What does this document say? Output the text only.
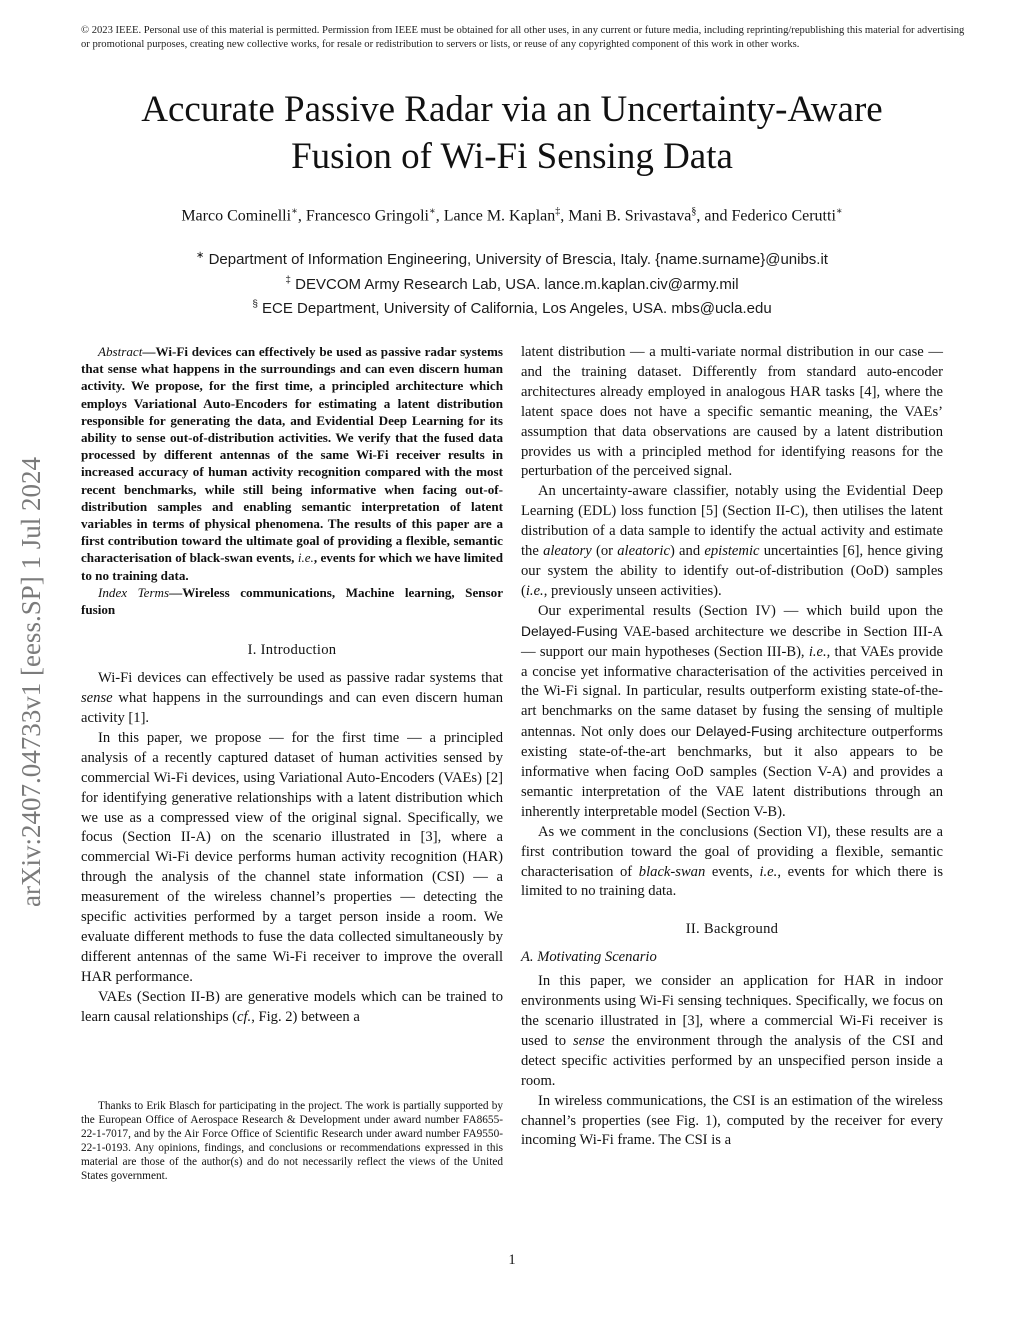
© 2023 IEEE. Personal use of this material is permitted. Permission from IEEE must be obtained for all other uses, in any current or future media, including reprinting/republishing this material for advertising or promotional purposes, creating new collective works, for resale or redistribution to servers or lists, or reuse of any copyrighted component of this work in other works.
Accurate Passive Radar via an Uncertainty-Aware
Fusion of Wi-Fi Sensing Data
Marco Cominelli∗, Francesco Gringoli∗, Lance M. Kaplan‡, Mani B. Srivastava§, and Federico Cerutti∗
∗ Department of Information Engineering, University of Brescia, Italy. {name.surname}@unibs.it
‡ DEVCOM Army Research Lab, USA. lance.m.kaplan.civ@army.mil
§ ECE Department, University of California, Los Angeles, USA. mbs@ucla.edu
arXiv:2407.04733v1 [eess.SP] 1 Jul 2024

Abstract—Wi-Fi devices can effectively be used as passive radar systems that sense what happens in the surroundings and can even discern human activity. We propose, for the first time, a principled architecture which employs Variational Auto-Encoders for estimating a latent distribution responsible for generating the data, and Evidential Deep Learning for its ability to sense out-of-distribution activities. We verify that the fused data processed by different antennas of the same Wi-Fi receiver results in increased accuracy of human activity recognition compared with the most recent benchmarks, while still being informative when facing out-of-distribution samples and enabling semantic interpretation of latent variables in terms of physical phenomena. The results of this paper are a first contribution toward the ultimate goal of providing a flexible, semantic characterisation of black-swan events, i.e., events for which we have limited to no training data.

Index Terms—Wireless communications, Machine learning, Sensor fusion

I. Introduction

Wi-Fi devices can effectively be used as passive radar systems that sense what happens in the surroundings and can even discern human activity [1].

In this paper, we propose — for the first time — a principled analysis of a recently captured dataset of human activities sensed by commercial Wi-Fi devices, using Variational Auto-Encoders (VAEs) [2] for identifying generative relationships with a latent distribution which we use as a compressed view of the original signal. Specifically, we focus (Section II-A) on the scenario illustrated in [3], where a commercial Wi-Fi device performs human activity recognition (HAR) through the analysis of the channel state information (CSI) — a measurement of the wireless channel’s properties — detecting the specific activities performed by a target person inside a room. We evaluate different methods to fuse the data collected simultaneously by different antennas of the same Wi-Fi receiver to improve the overall HAR performance.

VAEs (Section II-B) are generative models which can be trained to learn causal relationships (cf., Fig. 2) between a

Thanks to Erik Blasch for participating in the project. The work is partially supported by the European Office of Aerospace Research & Development under award number FA8655-22-1-7017, and by the Air Force Office of Scientific Research under award number FA9550-22-1-0193. Any opinions, findings, and conclusions or recommendations expressed in this material are those of the author(s) and do not necessarily reflect the views of the United States government.

latent distribution — a multi-variate normal distribution in our case — and the training dataset. Differently from standard auto-encoder architectures already employed in analogous HAR tasks [4], where the latent space does not have a specific semantic meaning, the VAEs’ assumption that data observations are caused by a latent distribution provides us with a principled method for identifying reasons for the perturbation of the perceived signal.

An uncertainty-aware classifier, notably using the Evidential Deep Learning (EDL) loss function [5] (Section II-C), then utilises the latent distribution of a data sample to identify the actual activity and estimate the aleatory (or aleatoric) and epistemic uncertainties [6], hence giving our system the ability to identify out-of-distribution (OoD) samples (i.e., previously unseen activities).

Our experimental results (Section IV) — which build upon the Delayed-Fusing VAE-based architecture we describe in Section III-A — support our main hypotheses (Section III-B), i.e., that VAEs provide a concise yet informative characterisation of the activities perceived in the Wi-Fi signal. In particular, results outperform existing state-of-the-art benchmarks on the same dataset by fusing the sensing of multiple antennas. Not only does our Delayed-Fusing architecture outperforms existing state-of-the-art benchmarks, but it also appears to be informative when facing OoD samples (Section V-A) and provides a semantic interpretation of the VAE latent distributions through an inherently interpretable model (Section V-B).

As we comment in the conclusions (Section VI), these results are a first contribution toward the goal of providing a flexible, semantic characterisation of black-swan events, i.e., events for which there is limited to no training data.

II. Background
A. Motivating Scenario

In this paper, we consider an application for HAR in indoor environments using Wi-Fi sensing techniques. Specifically, we focus on the scenario illustrated in [3], where a commercial Wi-Fi receiver is used to sense the environment through the analysis of the CSI and detect specific activities performed by an unspecified person inside a room.

In wireless communications, the CSI is an estimation of the wireless channel’s properties (see Fig. 1), computed by the receiver for every incoming Wi-Fi frame. The CSI is a

1
